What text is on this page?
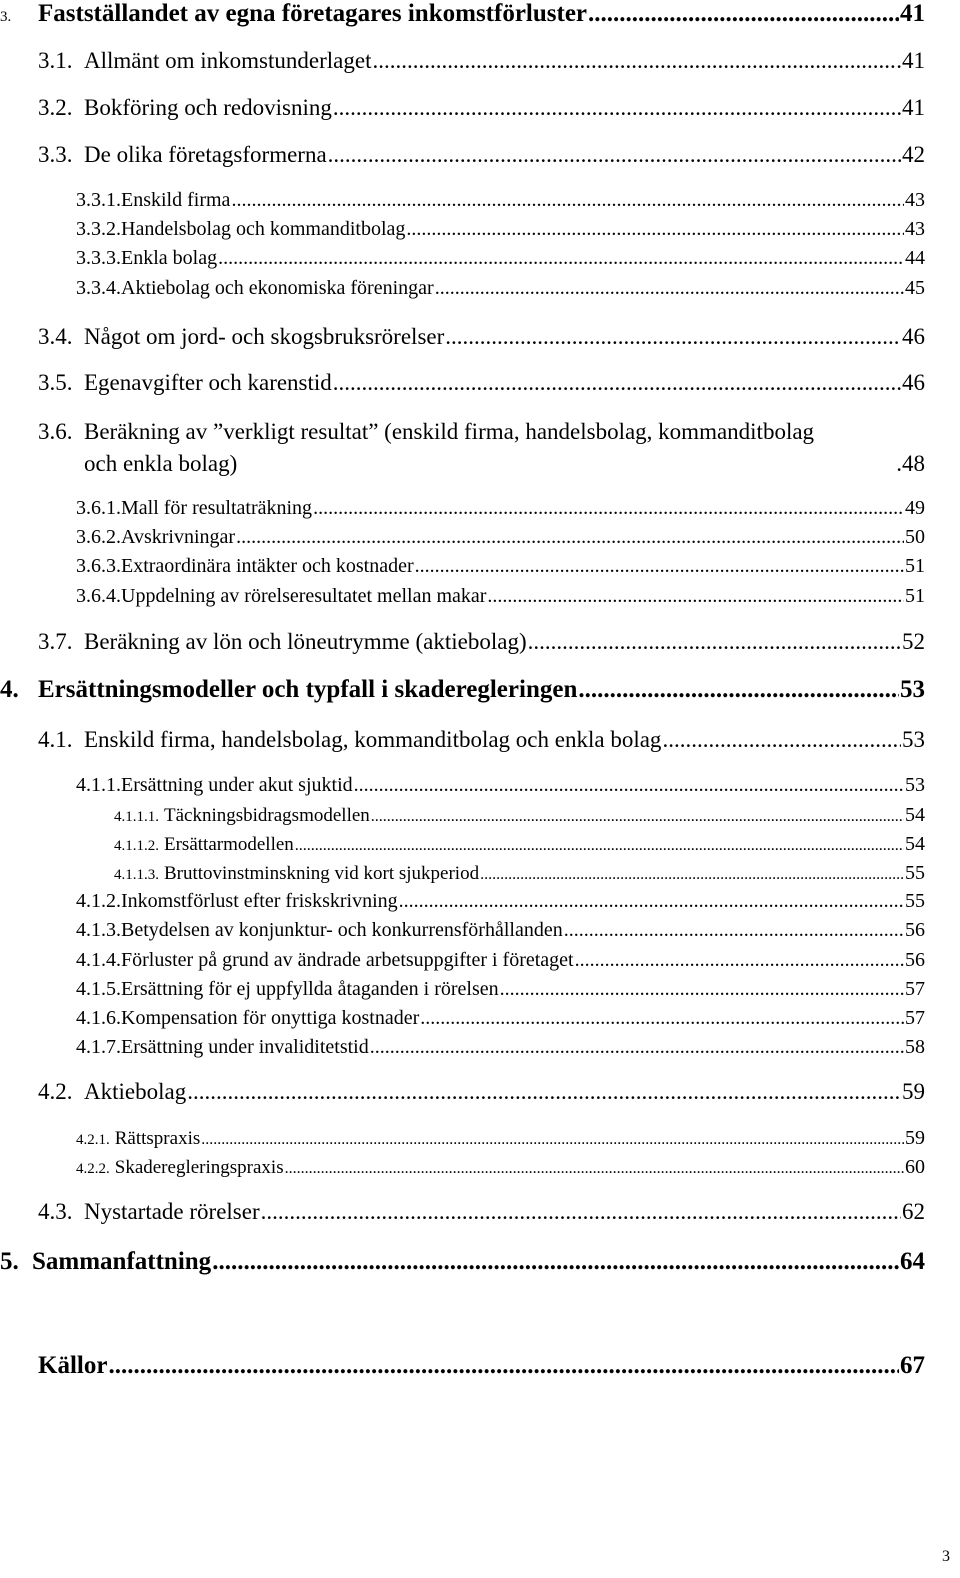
3.	Fastställandet av egna företagares inkomstförluster .....	41
3.1. Allmänt om inkomstunderlaget .....	.41
3.2. Bokföring och redovisning .....	41
3.3. De olika företagsformerna .....	42
3.3.1. Enskild firma .....	43
3.3.2. Handelsbolag och kommanditbolag .....	43
3.3.3. Enkla bolag .....	44
3.3.4. Aktiebolag och ekonomiska föreningar .....	45
3.4. Något om jord- och skogsbruksrörelser .....	46
3.5. Egenavgifter och karenstid .....	46
3.6. Beräkning av ”verkligt resultat” (enskild firma, handelsbolag, kommanditbolag
och enkla bolag)	.48
3.6.1. Mall för resultaträkning .....	49
3.6.2. Avskrivningar .....	50
3.6.3. Extraordinära intäkter och kostnader .....	51
3.6.4. Uppdelning av rörelseresultatet mellan makar .....	51
3.7. Beräkning av lön och löneutrymme (aktiebolag) .....	52
4. Ersättningsmodeller och typfall i skaderegleringen .....	53
4.1. Enskild firma, handelsbolag, kommanditbolag och enkla bolag .....	53
4.1.1. Ersättning under akut sjuktid .....	53
4.1.1.1. Täckningsbidragsmodellen .....	54
4.1.1.2. Ersättarmodellen .....	54
4.1.1.3. Bruttovinstminskning vid kort sjukperiod .....	55
4.1.2. Inkomstförlust efter friskskrivning .....	55
4.1.3. Betydelsen av konjunktur- och konkurrensförhållanden .....	56
4.1.4. Förluster på grund av ändrade arbetsuppgifter i företaget .....	56
4.1.5. Ersättning för ej uppfyllda åtaganden i rörelsen .....	57
4.1.6. Kompensation för onyttiga kostnader .....	57
4.1.7. Ersättning under invaliditetstid .....	58
4.2. Aktiebolag .....	59
4.2.1. Rättspraxis .....	59
4.2.2. Skaderegleringspraxis .....	60
4.3. Nystartade rörelser .....	62
5. Sammanfattning .....	64
Källor .....	67
3
